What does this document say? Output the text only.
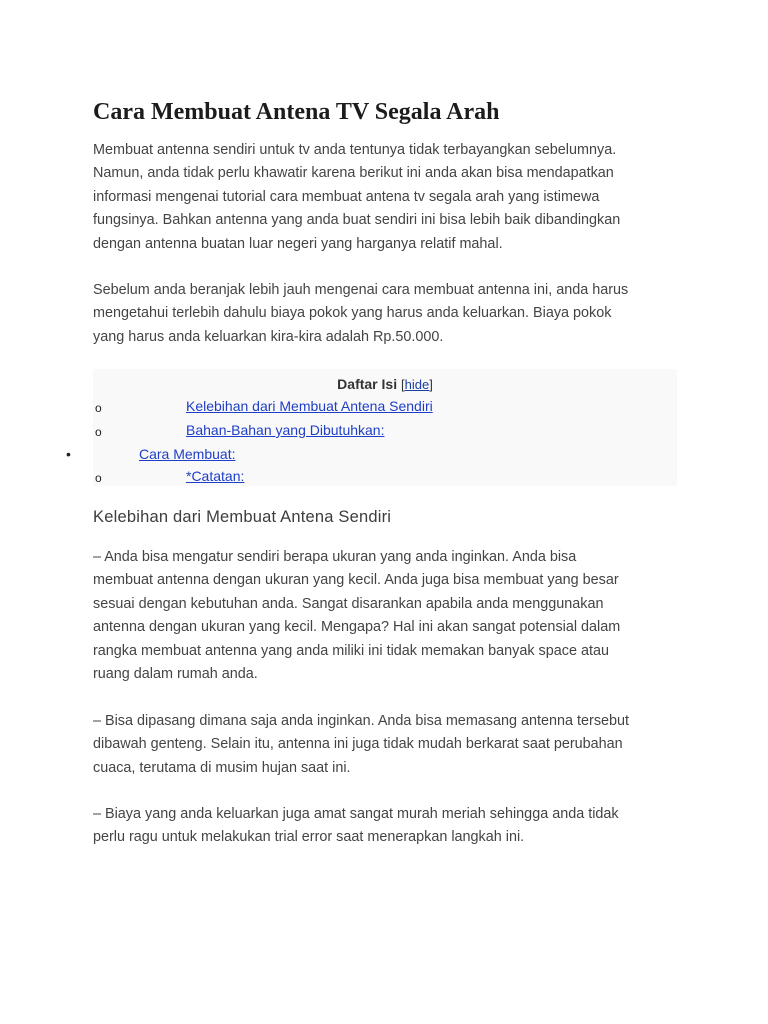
Cara Membuat Antena TV Segala Arah

Membuat antenna sendiri untuk tv anda tentunya tidak terbayangkan sebelumnya.
Namun, anda tidak perlu khawatir karena berikut ini anda akan bisa mendapatkan
informasi mengenai tutorial cara membuat antena tv segala arah yang istimewa
fungsinya. Bahkan antenna yang anda buat sendiri ini bisa lebih baik dibandingkan
dengan antenna buatan luar negeri yang harganya relatif mahal.

Sebelum anda beranjak lebih jauh mengenai cara membuat antenna ini, anda harus
mengetahui terlebih dahulu biaya pokok yang harus anda keluarkan. Biaya pokok
yang harus anda keluarkan kira-kira adalah Rp.50.000.

Daftar Isi [hide]
o	Kelebihan dari Membuat Antena Sendiri
o	Bahan-Bahan yang Dibutuhkan:
Cara Membuat:
o	*Catatan:
•
Kelebihan dari Membuat Antena Sendiri

– Anda bisa mengatur sendiri berapa ukuran yang anda inginkan. Anda bisa
membuat antenna dengan ukuran yang kecil. Anda juga bisa membuat yang besar
sesuai dengan kebutuhan anda. Sangat disarankan apabila anda menggunakan
antenna dengan ukuran yang kecil. Mengapa? Hal ini akan sangat potensial dalam
rangka membuat antenna yang anda miliki ini tidak memakan banyak space atau
ruang dalam rumah anda.

– Bisa dipasang dimana saja anda inginkan. Anda bisa memasang antenna tersebut
dibawah genteng. Selain itu, antenna ini juga tidak mudah berkarat saat perubahan
cuaca, terutama di musim hujan saat ini.

– Biaya yang anda keluarkan juga amat sangat murah meriah sehingga anda tidak
perlu ragu untuk melakukan trial error saat menerapkan langkah ini.
